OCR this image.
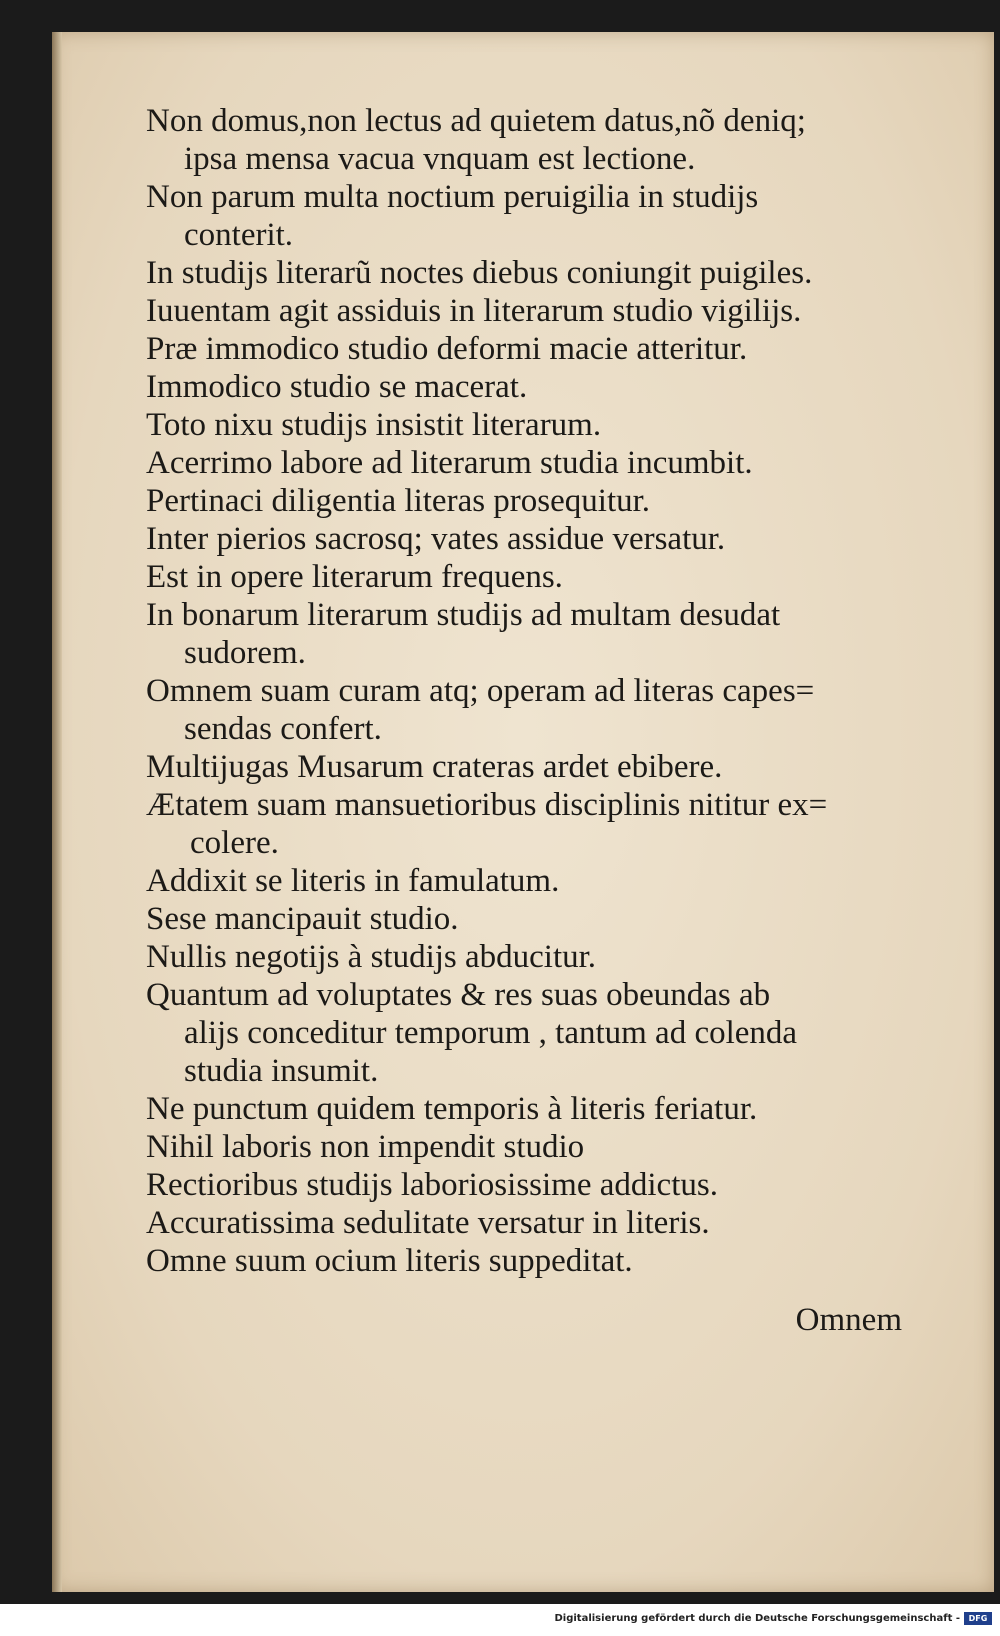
Non domus,non lectus ad quietem datus,nõ deniq;
ipsa mensa vacua vnquam est lectione.
Non parum multa noctium peruigilia in studijs
conterit.
In studijs literarũ noctes diebus coniungit puigiles.
Iuuentam agit assiduis in literarum studio vigilijs.
Præ immodico studio deformi macie atteritur.
Immodico studio se macerat.
Toto nixu studijs insistit literarum.
Acerrimo labore ad literarum studia incumbit.
Pertinaci diligentia literas prosequitur.
Inter pierios sacrosq; vates assidue versatur.
Est in opere literarum frequens.
In bonarum literarum studijs ad multam desudat
sudorem.
Omnem suam curam atq; operam ad literas capes=
sendas confert.
Multijugas Musarum crateras ardet ebibere.
Ætatem suam mansuetioribus disciplinis nititur ex=
colere.
Addixit se literis in famulatum.
Sese mancipauit studio.
Nullis negotijs à studijs abducitur.
Quantum ad voluptates & res suas obeundas ab
alijs conceditur temporum , tantum ad colenda
studia insumit.
Ne punctum quidem temporis à literis feriatur.
Nihil laboris non impendit studio
Rectioribus studijs laboriosissime addictus.
Accuratissima sedulitate versatur in literis.
Omne suum ocium literis suppeditat.
Omnem
Digitalisierung gefördert durch die Deutsche Forschungsgemeinschaft -	DFG
